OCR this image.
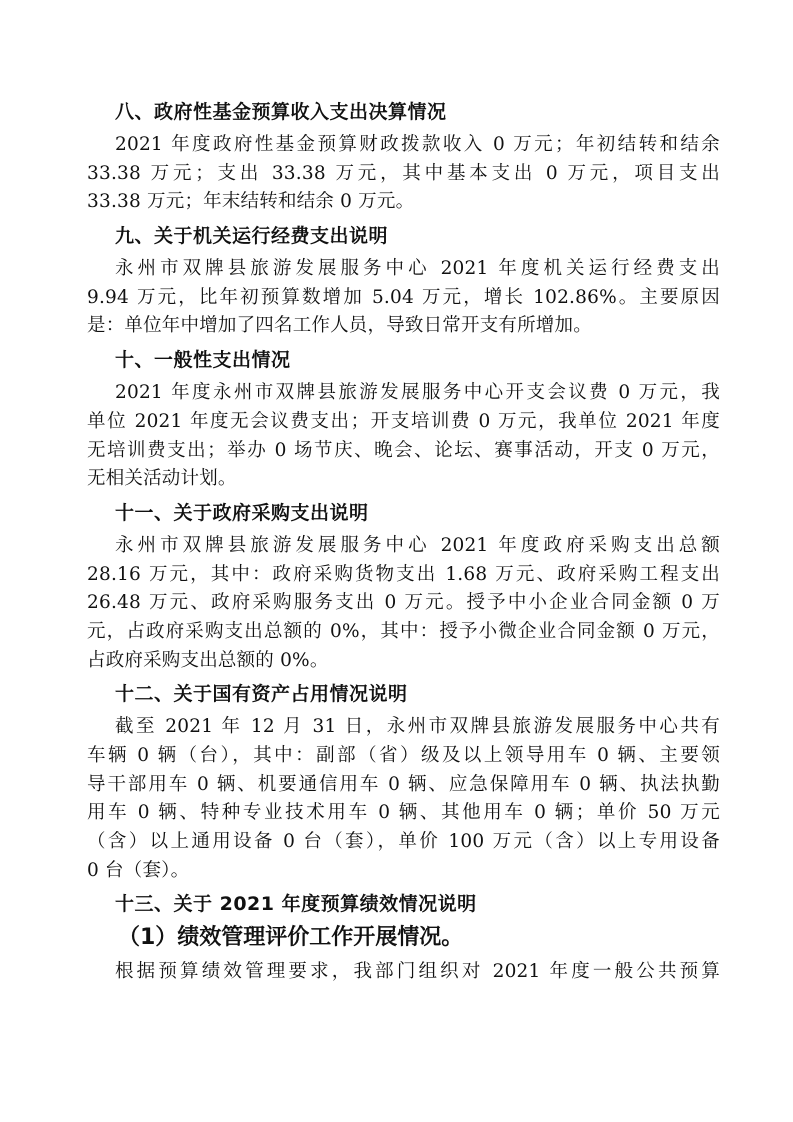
八、政府性基金预算收入支出决算情况
2021 年度政府性基金预算财政拨款收入 0 万元；年初结转和结余
33.38 万元；支出 33.38 万元，其中基本支出 0 万元，项目支出
33.38 万元；年末结转和结余 0 万元。
九、关于机关运行经费支出说明
永州市双牌县旅游发展服务中心 2021 年度机关运行经费支出
9.94 万元，比年初预算数增加 5.04 万元，增长 102.86%。主要原因
是：单位年中增加了四名工作人员，导致日常开支有所增加。
十、一般性支出情况
2021 年度永州市双牌县旅游发展服务中心开支会议费 0 万元，我
单位 2021 年度无会议费支出；开支培训费 0 万元，我单位 2021 年度
无培训费支出；举办 0 场节庆、晚会、论坛、赛事活动，开支 0 万元，
无相关活动计划。
十一、关于政府采购支出说明
永州市双牌县旅游发展服务中心 2021 年度政府采购支出总额
28.16 万元，其中：政府采购货物支出 1.68 万元、政府采购工程支出
26.48 万元、政府采购服务支出 0 万元。授予中小企业合同金额 0 万
元，占政府采购支出总额的 0%，其中：授予小微企业合同金额 0 万元，
占政府采购支出总额的 0%。
十二、关于国有资产占用情况说明
截至 2021 年 12 月 31 日，永州市双牌县旅游发展服务中心共有
车辆 0 辆（台），其中：副部（省）级及以上领导用车 0 辆、主要领
导干部用车 0 辆、机要通信用车 0 辆、应急保障用车 0 辆、执法执勤
用车 0 辆、特种专业技术用车 0 辆、其他用车 0 辆；单价 50 万元
（含）以上通用设备 0 台（套），单价 100 万元（含）以上专用设备
0 台（套）。
十三、关于 2021 年度预算绩效情况说明
（1）绩效管理评价工作开展情况。
根据预算绩效管理要求，我部门组织对 2021 年度一般公共预算
